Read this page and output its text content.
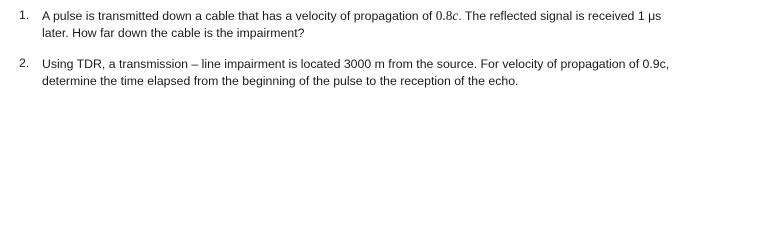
1. A pulse is transmitted down a cable that has a velocity of propagation of 0.8c. The reflected signal is received 1 μs
later. How far down the cable is the impairment?
2. Using TDR, a transmission – line impairment is located 3000 m from the source. For velocity of propagation of 0.9c,
determine the time elapsed from the beginning of the pulse to the reception of the echo.
